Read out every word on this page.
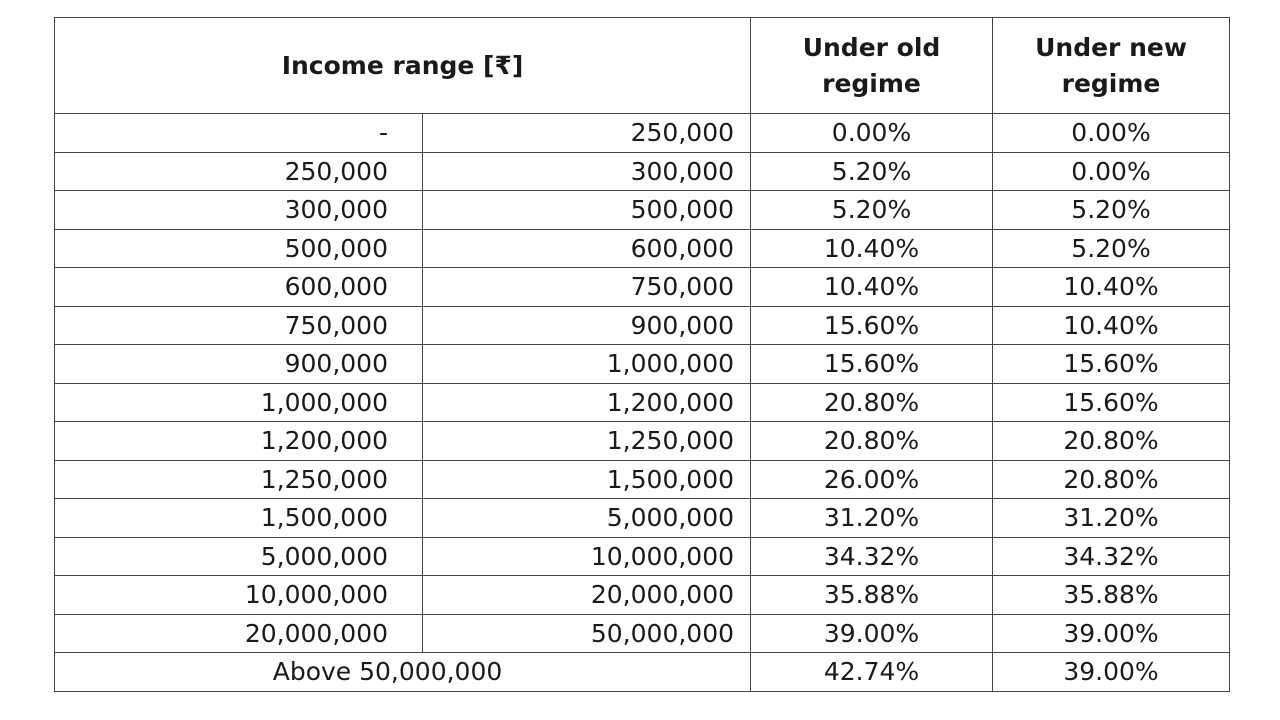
Income range [₹]		Under old regime	Under new regime

-	250,000	0.00%	0.00%
250,000	300,000	5.20%	0.00%
300,000	500,000	5.20%	5.20%
500,000	600,000	10.40%	5.20%
600,000	750,000	10.40%	10.40%
750,000	900,000	15.60%	10.40%
900,000	1,000,000	15.60%	15.60%
1,000,000	1,200,000	20.80%	15.60%
1,200,000	1,250,000	20.80%	20.80%
1,250,000	1,500,000	26.00%	20.80%
1,500,000	5,000,000	31.20%	31.20%
5,000,000	10,000,000	34.32%	34.32%
10,000,000	20,000,000	35.88%	35.88%
20,000,000	50,000,000	39.00%	39.00%
Above 50,000,000		42.74%	39.00%
